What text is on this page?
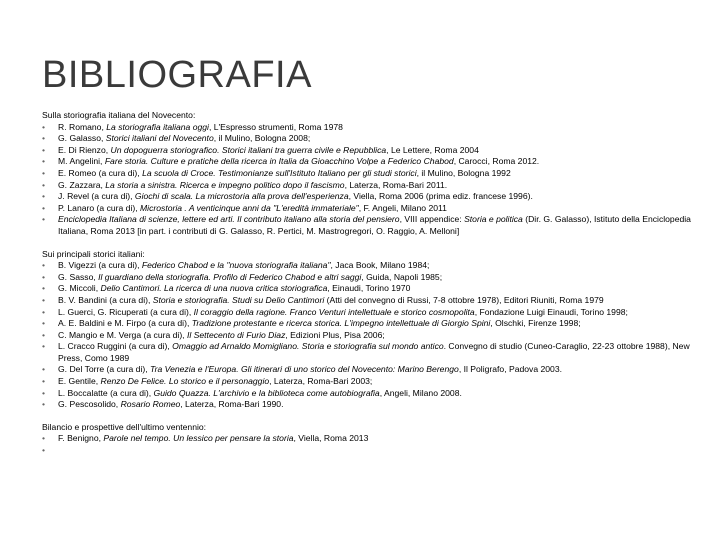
BIBLIOGRAFIA
Sulla storiografia italiana del Novecento:
• R. Romano, La storiografia italiana oggi, L'Espresso strumenti, Roma 1978
• G. Galasso, Storici italiani del Novecento, il Mulino, Bologna 2008;
• E. Di Rienzo, Un dopoguerra storiografico. Storici italiani tra guerra civile e Repubblica, Le Lettere, Roma 2004
• M. Angelini, Fare storia. Culture e pratiche della ricerca in Italia da Gioacchino Volpe a Federico Chabod, Carocci, Roma 2012.
• E. Romeo (a cura di), La scuola di Croce. Testimonianze sull'Istituto Italiano per gli studi storici, il Mulino, Bologna 1992
• G. Zazzara, La storia a sinistra. Ricerca e impegno politico dopo il fascismo, Laterza, Roma-Bari 2011.
• J. Revel (a cura di), Giochi di scala. La microstoria alla prova dell'esperienza, Viella, Roma 2006 (prima ediz. francese 1996).
• P. Lanaro (a cura di), Microstoria . A venticinque anni da "L'eredità immateriale", F. Angeli, Milano 2011
• Enciclopedia Italiana di scienze, lettere ed arti. Il contributo italiano alla storia del pensiero, VIII appendice: Storia e politica (Dir. G. Galasso), Istituto della Enciclopedia Italiana, Roma 2013 [in part. i contributi di G. Galasso, R. Pertici, M. Mastrogregori, O. Raggio, A. Melloni]
Sui principali storici italiani:
• B. Vigezzi (a cura di), Federico Chabod e la "nuova storiografia italiana", Jaca Book, Milano 1984;
• G. Sasso, Il guardiano della storiografia. Profilo di Federico Chabod e altri saggi, Guida, Napoli 1985;
• G. Miccoli, Delio Cantimori. La ricerca di una nuova critica storiografica, Einaudi, Torino 1970
• B. V. Bandini (a cura di), Storia e storiografia. Studi su Delio Cantimori (Atti del convegno di Russi, 7-8 ottobre 1978), Editori Riuniti, Roma 1979
• L. Guerci, G. Ricuperati (a cura di), Il coraggio della ragione. Franco Venturi intellettuale e storico cosmopolita, Fondazione Luigi Einaudi, Torino 1998;
• A. E. Baldini e M. Firpo (a cura di), Tradizione protestante e ricerca storica. L'impegno intellettuale di Giorgio Spini, Olschki, Firenze 1998;
• C. Mangio e M. Verga (a cura di), Il Settecento di Furio Diaz, Edizioni Plus, Pisa 2006;
• L. Cracco Ruggini (a cura di), Omaggio ad Arnaldo Momigliano. Storia e storiografia sul mondo antico. Convegno di studio (Cuneo-Caraglio, 22-23 ottobre 1988), New Press, Como 1989
• G. Del Torre (a cura di), Tra Venezia e l'Europa. Gli itinerari di uno storico del Novecento: Marino Berengo, Il Poligrafo, Padova 2003.
• E. Gentile, Renzo De Felice. Lo storico e il personaggio, Laterza, Roma-Bari 2003;
• L. Boccalatte (a cura di), Guido Quazza. L'archivio e la biblioteca come autobiografia, Angeli, Milano 2008.
• G. Pescosolido, Rosario Romeo, Laterza, Roma-Bari 1990.
Bilancio e prospettive dell'ultimo ventennio:
• F. Benigno, Parole nel tempo. Un lessico per pensare la storia, Viella, Roma 2013
•
